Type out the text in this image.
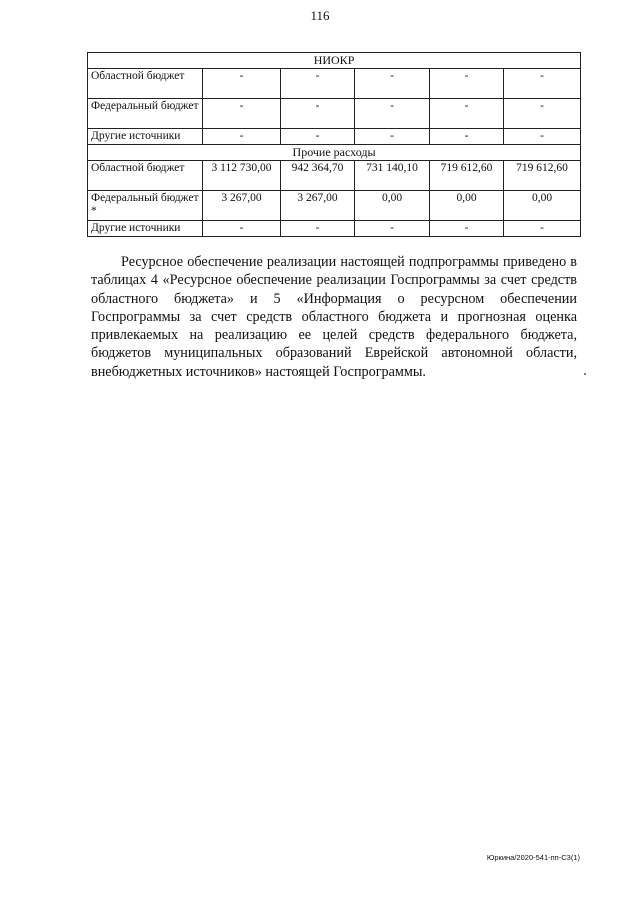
116
НИОКР					
Областной бюджет	-	-	-	-	-
Федеральный бюджет	-	-	-	-	-
Другие источники	-	-	-	-	-
Прочие расходы					
Областной бюджет	3 112 730,00	942 364,70	731 140,10	719 612,60	719 612,60
Федеральный бюджет *	3 267,00	3 267,00	0,00	0,00	0,00
Другие источники	-	-	-	-	-

Ресурсное обеспечение реализации настоящей подпрограммы приведено в таблицах 4 «Ресурсное обеспечение реализации Госпрограммы за счет средств областного бюджета» и 5 «Информация о ресурсном обеспечении Госпрограммы за счет средств областного бюджета и прогнозная оценка привлекаемых на реализацию ее целей средств федерального бюджета, бюджетов муниципальных образований Еврейской автономной области, внебюджетных источников» настоящей Госпрограммы.

Юркина/2020-541-пп-С3(1)
